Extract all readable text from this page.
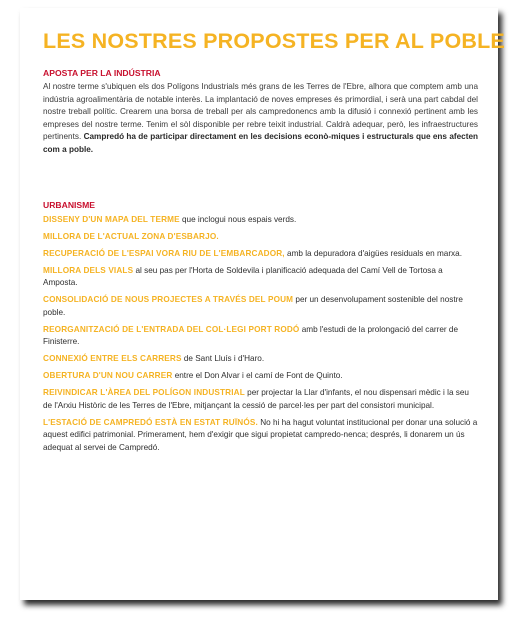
LES NOSTRES PROPOSTES PER AL POBLE
APOSTA PER LA INDÚSTRIA

Al nostre terme s'ubiquen els dos Polígons Industrials més grans de les Terres de l'Ebre, alhora que comptem amb una indústria agroalimentària de notable interès. La implantació de noves empreses és primordial, i serà una part cabdal del nostre treball polític. Crearem una borsa de treball per als campredonencs amb la difusió i connexió pertinent amb les empreses del nostre terme. Tenim el sòl disponible per rebre teixit industrial. Caldrà adequar, però, les infraestructures pertinents. Campredó ha de participar directament en les decisions econò-miques i estructurals que ens afecten com a poble.

URBANISME

DISSENY D'UN MAPA DEL TERME que inclogui nous espais verds.

MILLORA DE L'ACTUAL ZONA D'ESBARJO.

RECUPERACIÓ DE L'ESPAI VORA RIU DE L'EMBARCADOR, amb la depuradora d'aigües residuals en marxa.

MILLORA DELS VIALS al seu pas per l'Horta de Soldevila i planificació adequada del Camí Vell de Tortosa a Amposta.

CONSOLIDACIÓ DE NOUS PROJECTES A TRAVÉS DEL POUM per un desenvolupament sostenible del nostre poble.

REORGANITZACIÓ DE L'ENTRADA DEL COL·LEGI PORT RODÓ amb l'estudi de la prolongació del carrer de Finisterre.

CONNEXIÓ ENTRE ELS CARRERS de Sant Lluís i d'Haro.

OBERTURA D'UN NOU CARRER entre el Don Alvar i el camí de Font de Quinto.

REIVINDICAR L'ÀREA DEL POLÍGON INDUSTRIAL per projectar la Llar d'infants, el nou dispensari mèdic i la seu de l'Arxiu Històric de les Terres de l'Ebre, mitjançant la cessió de parcel·les per part del consistori municipal.

L'ESTACIÓ DE CAMPREDÓ ESTÀ EN ESTAT RUÏNÓS. No hi ha hagut voluntat institucional per donar una solució a aquest edifici patrimonial. Primerament, hem d'exigir que sigui propietat campredo-nenca; després, li donarem un ús adequat al servei de Campredó.
